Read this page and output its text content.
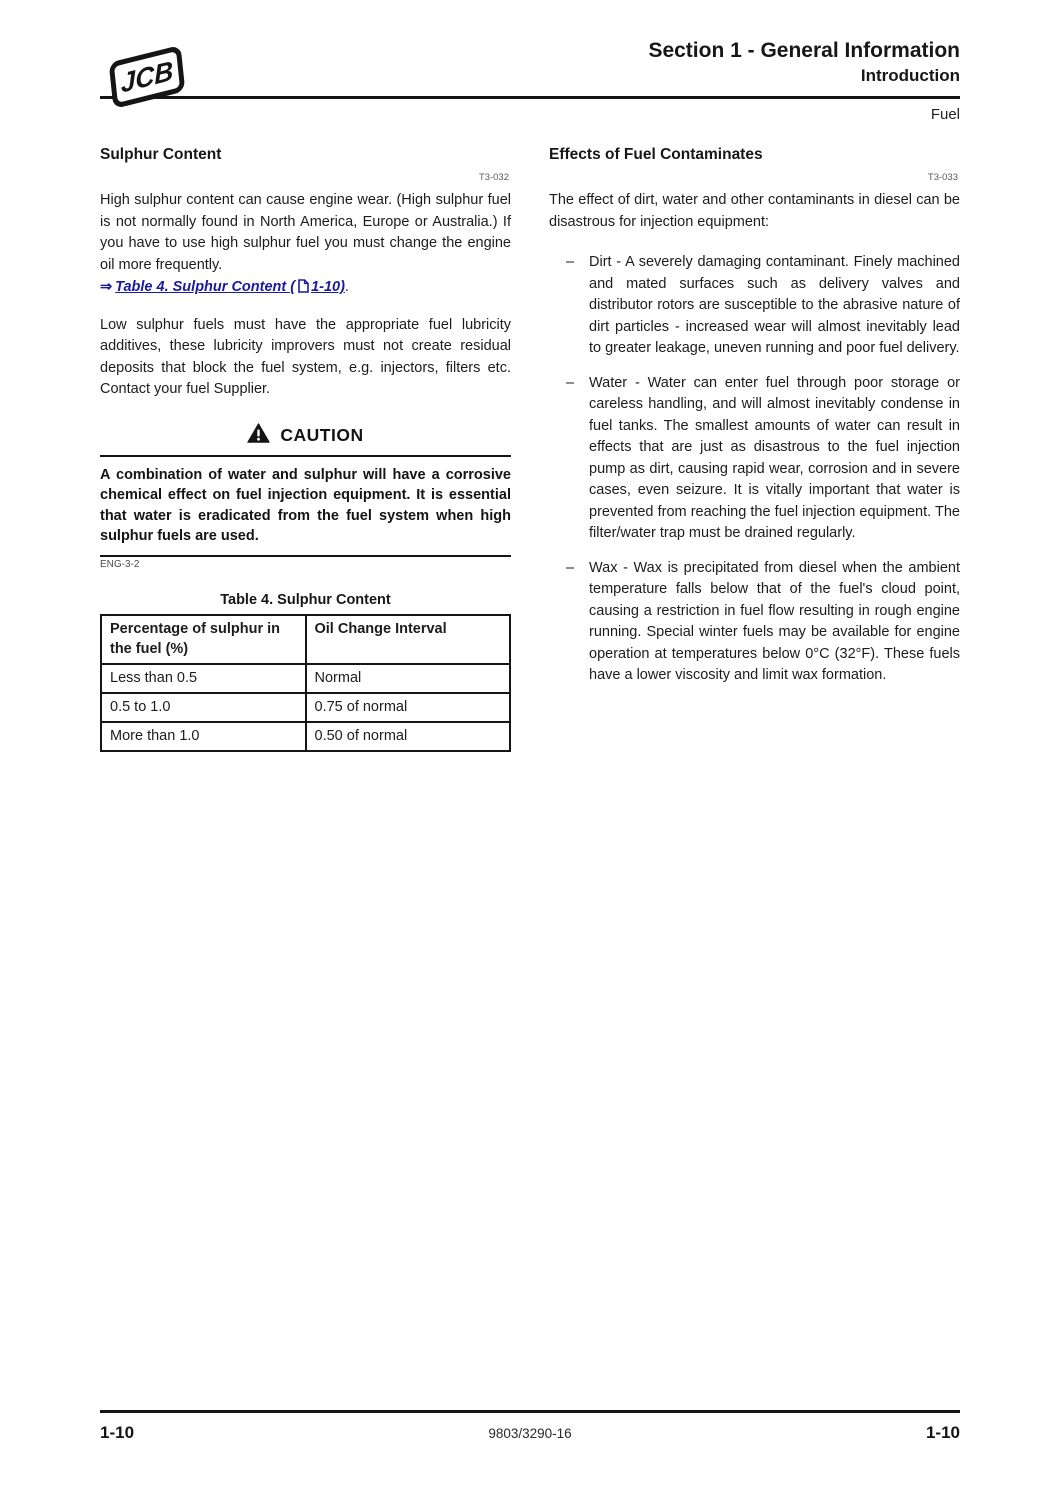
JCB
Section 1 - General Information
Introduction
Fuel
Sulphur Content
T3-032

High sulphur content can cause engine wear. (High sulphur fuel is not normally found in North America, Europe or Australia.) If you have to use high sulphur fuel you must change the engine oil more frequently.

⇒ Table 4. Sulphur Content ( 1-10).

Low sulphur fuels must have the appropriate fuel lubricity additives, these lubricity improvers must not create residual deposits that block the fuel system, e.g. injectors, filters etc. Contact your fuel Supplier.

CAUTION

A combination of water and sulphur will have a corrosive chemical effect on fuel injection equipment. It is essential that water is eradicated from the fuel system when high sulphur fuels are used.

ENG-3-2
Table 4. Sulphur Content
Percentage of sulphur in the fuel (%)	Oil Change Interval
Less than 0.5	Normal
0.5 to 1.0	0.75 of normal
More than 1.0	0.50 of normal
Effects of Fuel Contaminates
T3-033

The effect of dirt, water and other contaminants in diesel can be disastrous for injection equipment:

–	Dirt - A severely damaging contaminant. Finely machined and mated surfaces such as delivery valves and distributor rotors are susceptible to the abrasive nature of dirt particles - increased wear will almost inevitably lead to greater leakage, uneven running and poor fuel delivery.
–	Water - Water can enter fuel through poor storage or careless handling, and will almost inevitably condense in fuel tanks. The smallest amounts of water can result in effects that are just as disastrous to the fuel injection pump as dirt, causing rapid wear, corrosion and in severe cases, even seizure. It is vitally important that water is prevented from reaching the fuel injection equipment. The filter/water trap must be drained regularly.
–	Wax - Wax is precipitated from diesel when the ambient temperature falls below that of the fuel's cloud point, causing a restriction in fuel flow resulting in rough engine running. Special winter fuels may be available for engine operation at temperatures below 0°C (32°F). These fuels have a lower viscosity and limit wax formation.
1-10	9803/3290-16	1-10
